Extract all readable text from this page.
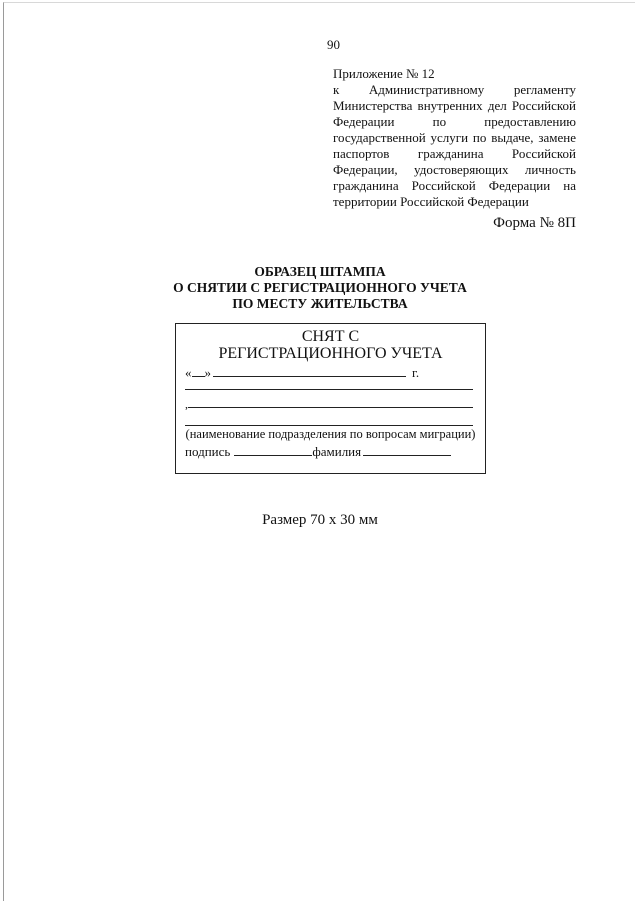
90
Приложение № 12
к Административному регламенту
Министерства внутренних дел Российской
Федерации по предоставлению
государственной услуги по выдаче, замене
паспортов гражданина Российской
Федерации, удостоверяющих личность
гражданина Российской Федерации на
территории Российской Федерации
Форма № 8П
ОБРАЗЕЦ ШТАМПА
О СНЯТИИ С РЕГИСТРАЦИОННОГО УЧЕТА
ПО МЕСТУ ЖИТЕЛЬСТВА
СНЯТ С
РЕГИСТРАЦИОННОГО УЧЕТА
« »	г.
,
(наименование подразделения по вопросам миграции)
подпись	фамилия
Размер 70 х 30 мм
